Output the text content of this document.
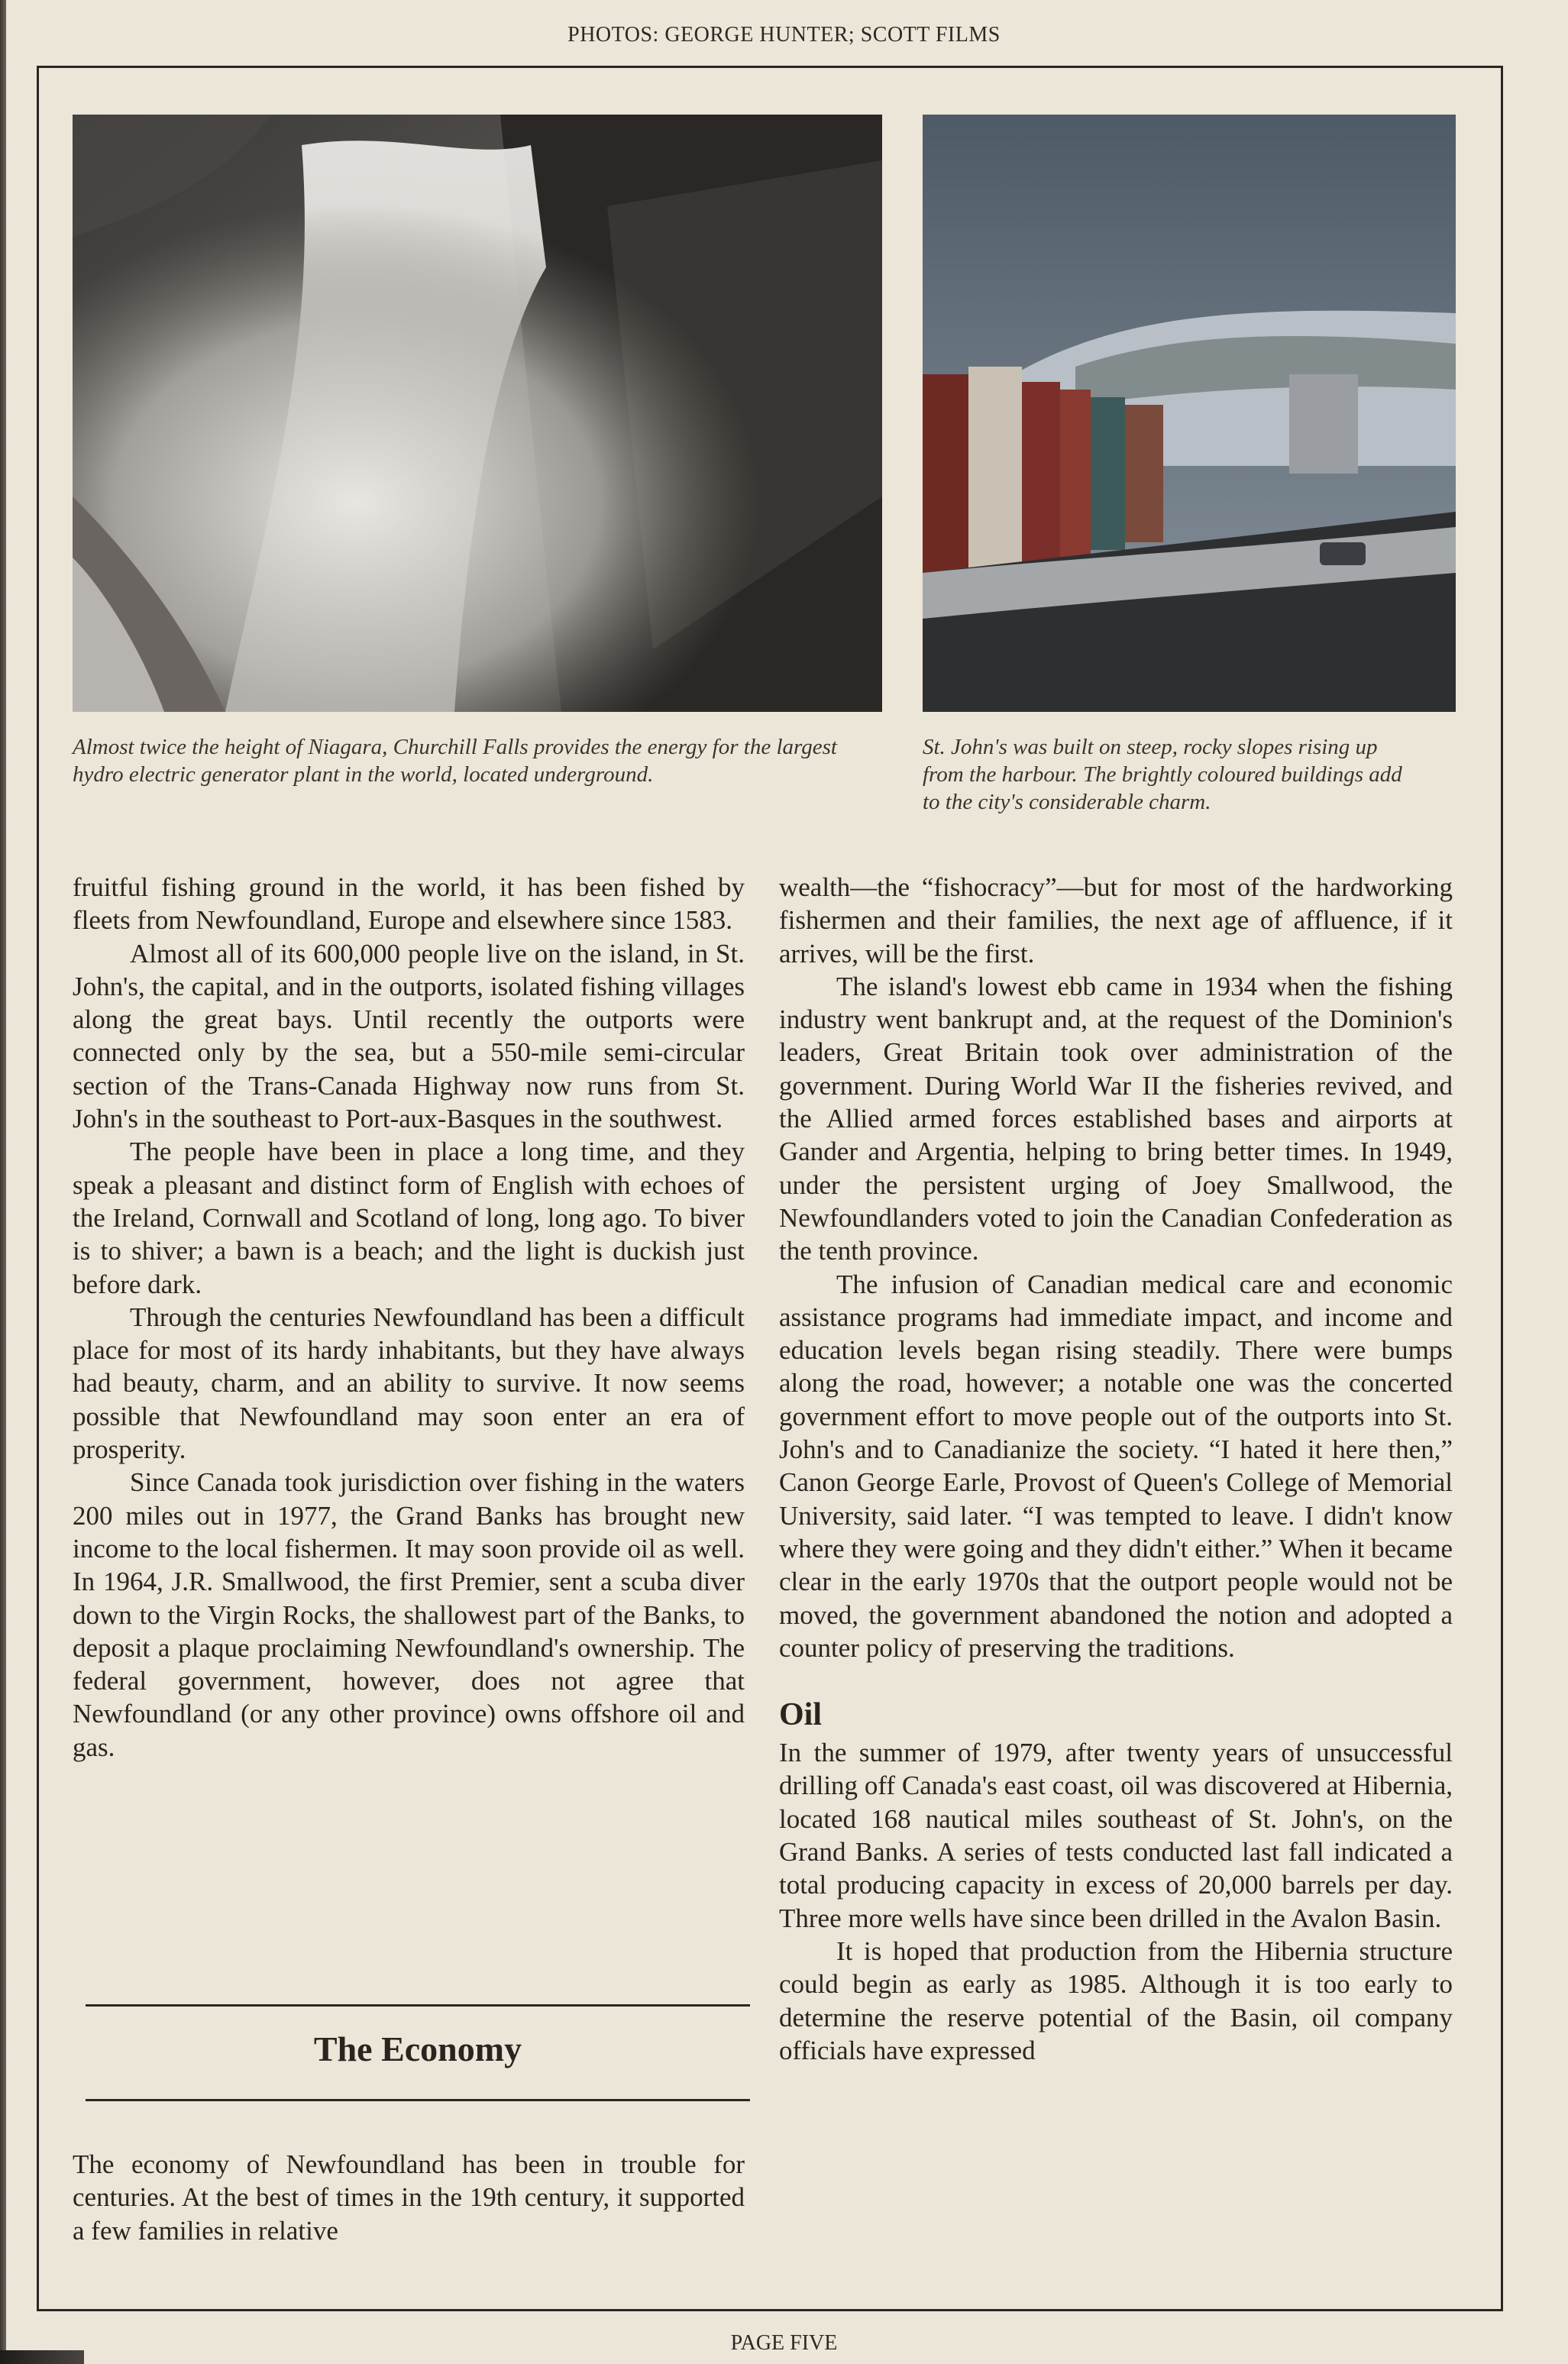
PHOTOS: GEORGE HUNTER; SCOTT FILMS
Almost twice the height of Niagara, Churchill Falls provides the energy for the largest hydro electric generator plant in the world, located underground.
St. John's was built on steep, rocky slopes rising up from the harbour. The brightly coloured buildings add to the city's considerable charm.

fruitful fishing ground in the world, it has been fished by fleets from Newfoundland, Europe and elsewhere since 1583.

Almost all of its 600,000 people live on the island, in St. John's, the capital, and in the outports, isolated fishing villages along the great bays. Until recently the outports were connected only by the sea, but a 550-mile semi-circular section of the Trans-Canada Highway now runs from St. John's in the southeast to Port-aux-Basques in the southwest.

The people have been in place a long time, and they speak a pleasant and distinct form of English with echoes of the Ireland, Cornwall and Scotland of long, long ago. To biver is to shiver; a bawn is a beach; and the light is duckish just before dark.

Through the centuries Newfoundland has been a difficult place for most of its hardy inhabitants, but they have always had beauty, charm, and an ability to survive. It now seems possible that Newfoundland may soon enter an era of prosperity.

Since Canada took jurisdiction over fishing in the waters 200 miles out in 1977, the Grand Banks has brought new income to the local fishermen. It may soon provide oil as well. In 1964, J.R. Smallwood, the first Premier, sent a scuba diver down to the Virgin Rocks, the shallowest part of the Banks, to deposit a plaque proclaiming Newfoundland's ownership. The federal government, however, does not agree that Newfoundland (or any other province) owns offshore oil and gas.

The Economy

The economy of Newfoundland has been in trouble for centuries. At the best of times in the 19th century, it supported a few families in relative

wealth—the “fishocracy”—but for most of the hardworking fishermen and their families, the next age of affluence, if it arrives, will be the first.

The island's lowest ebb came in 1934 when the fishing industry went bankrupt and, at the request of the Dominion's leaders, Great Britain took over administration of the government. During World War II the fisheries revived, and the Allied armed forces established bases and airports at Gander and Argentia, helping to bring better times. In 1949, under the persistent urging of Joey Smallwood, the Newfoundlanders voted to join the Canadian Confederation as the tenth province.

The infusion of Canadian medical care and economic assistance programs had immediate impact, and income and education levels began rising steadily. There were bumps along the road, however; a notable one was the concerted government effort to move people out of the outports into St. John's and to Canadianize the society. “I hated it here then,” Canon George Earle, Provost of Queen's College of Memorial University, said later. “I was tempted to leave. I didn't know where they were going and they didn't either.” When it became clear in the early 1970s that the outport people would not be moved, the government abandoned the notion and adopted a counter policy of preserving the traditions.

Oil

In the summer of 1979, after twenty years of unsuccessful drilling off Canada's east coast, oil was discovered at Hibernia, located 168 nautical miles southeast of St. John's, on the Grand Banks. A series of tests conducted last fall indicated a total producing capacity in excess of 20,000 barrels per day. Three more wells have since been drilled in the Avalon Basin.

It is hoped that production from the Hibernia structure could begin as early as 1985. Although it is too early to determine the reserve potential of the Basin, oil company officials have expressed

PAGE FIVE
